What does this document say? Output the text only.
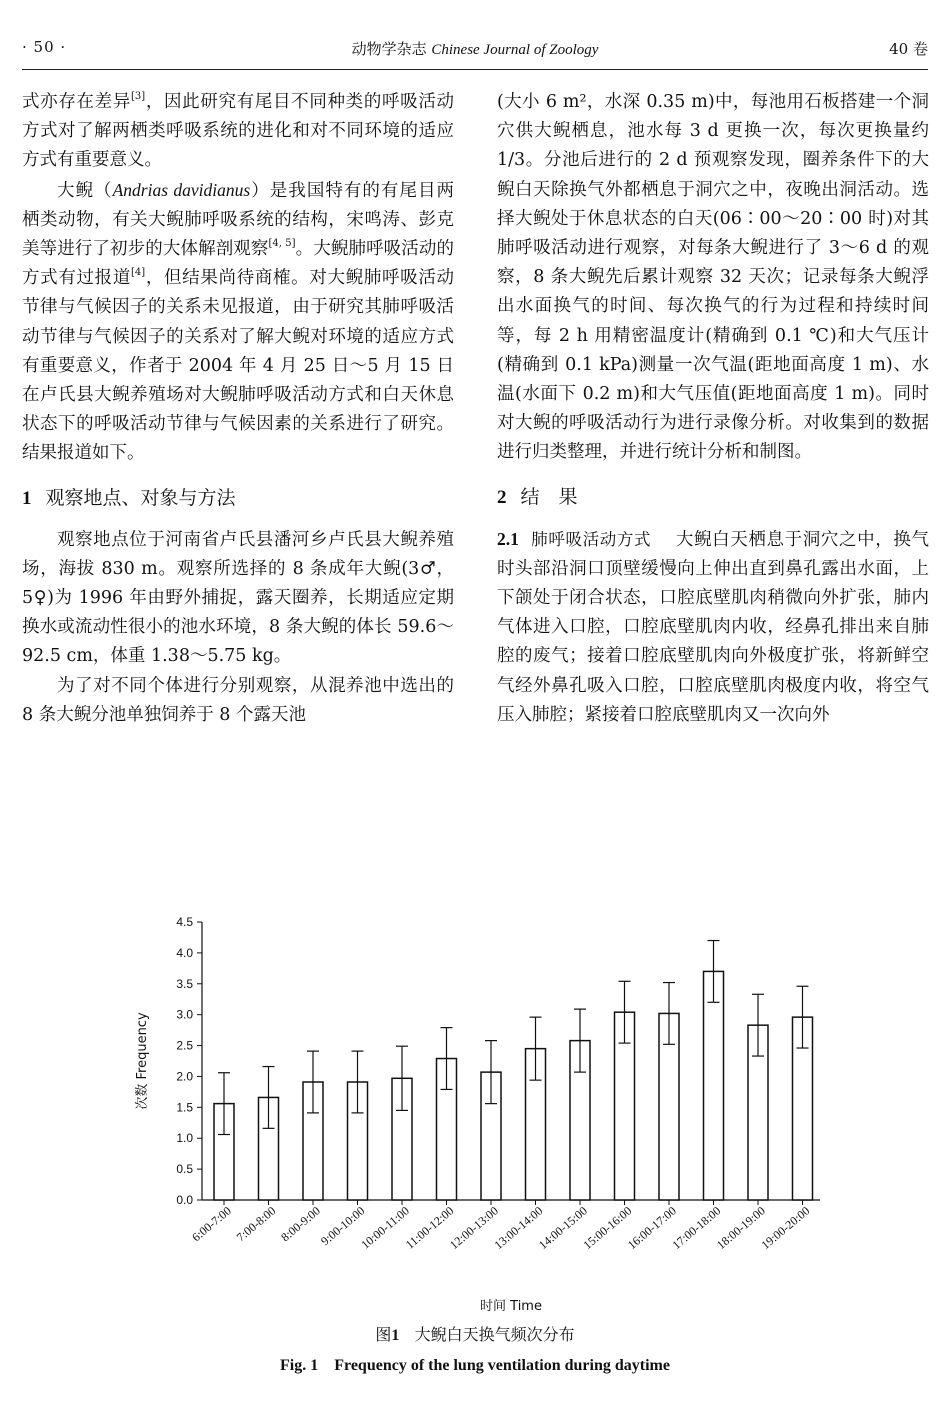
· 50 ·	动物学杂志 Chinese Journal of Zoology	40 卷

式亦存在差异[3]，因此研究有尾目不同种类的呼吸活动方式对了解两栖类呼吸系统的进化和对不同环境的适应方式有重要意义。

大鲵（Andrias davidianus）是我国特有的有尾目两栖类动物，有关大鲵肺呼吸系统的结构，宋鸣涛、彭克美等进行了初步的大体解剖观察[4, 5]。大鲵肺呼吸活动的方式有过报道[4]，但结果尚待商榷。对大鲵肺呼吸活动节律与气候因子的关系未见报道，由于研究其肺呼吸活动节律与气候因子的关系对了解大鲵对环境的适应方式有重要意义，作者于 2004 年 4 月 25 日～5 月 15 日在卢氏县大鲵养殖场对大鲵肺呼吸活动方式和白天休息状态下的呼吸活动节律与气候因素的关系进行了研究。结果报道如下。

1 观察地点、对象与方法

观察地点位于河南省卢氏县潘河乡卢氏县大鲵养殖场，海拔 830 m。观察所选择的 8 条成年大鲵(3♂，5♀)为 1996 年由野外捕捉，露天圈养，长期适应定期换水或流动性很小的池水环境，8 条大鲵的体长 59.6～92.5 cm，体重 1.38～5.75 kg。

为了对不同个体进行分别观察，从混养池中选出的 8 条大鲵分池单独饲养于 8 个露天池

(大小 6 m²，水深 0.35 m)中，每池用石板搭建一个洞穴供大鲵栖息，池水每 3 d 更换一次，每次更换量约 1/3。分池后进行的 2 d 预观察发现，圈养条件下的大鲵白天除换气外都栖息于洞穴之中，夜晚出洞活动。选择大鲵处于休息状态的白天(06∶00～20∶00 时)对其肺呼吸活动进行观察，对每条大鲵进行了 3～6 d 的观察，8 条大鲵先后累计观察 32 天次；记录每条大鲵浮出水面换气的时间、每次换气的行为过程和持续时间等，每 2 h 用精密温度计(精确到 0.1 ℃)和大气压计(精确到 0.1 kPa)测量一次气温(距地面高度 1 m)、水温(水面下 0.2 m)和大气压值(距地面高度 1 m)。同时对大鲵的呼吸活动行为进行录像分析。对收集到的数据进行归类整理，并进行统计分析和制图。

2 结　果

2.1 肺呼吸活动方式 大鲵白天栖息于洞穴之中，换气时头部沿洞口顶壁缓慢向上伸出直到鼻孔露出水面，上下颌处于闭合状态，口腔底壁肌肉稍微向外扩张，肺内气体进入口腔，口腔底壁肌肉内收，经鼻孔排出来自肺腔的废气；接着口腔底壁肌肉向外极度扩张，将新鲜空气经外鼻孔吸入口腔，口腔底壁肌肉极度内收，将空气压入肺腔；紧接着口腔底壁肌肉又一次向外

0.0
0.5
1.0
1.5
2.0
2.5
3.0
3.5
4.0
4.5
6:00-7:00 7:00-8:00 8:00-9:00
9:00-10:00
10:00-11:00
11:00-12:00
12:00-13:00
13:00-14:00
14:00-15:00
15:00-16:00
16:00-17:00
17:00-18:00
18:00-19:00
19:00-20:00
次数 Frequency
时间 Time
图1 大鲵白天换气频次分布
Fig. 1　Frequency of the lung ventilation during daytime
